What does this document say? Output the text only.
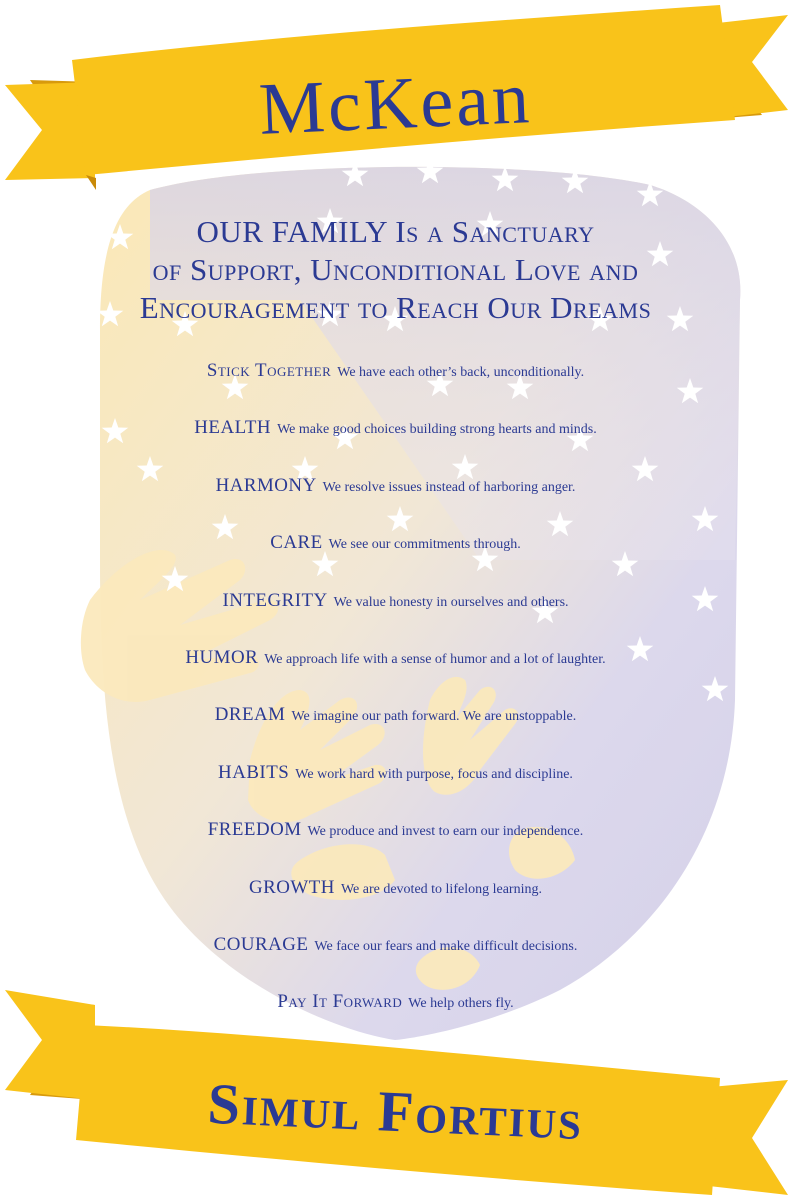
McKean
OUR FAMILY Is a Sanctuary
of Support, Unconditional Love and
Encouragement to Reach Our Dreams
Stick Together We have each other’s back, unconditionally.
HEALTH We make good choices building strong hearts and minds.
HARMONY We resolve issues instead of harboring anger.
CARE We see our commitments through.
INTEGRITY We value honesty in ourselves and others.
HUMOR We approach life with a sense of humor and a lot of laughter.
DREAM We imagine our path forward. We are unstoppable.
HABITS We work hard with purpose, focus and discipline.
FREEDOM We produce and invest to earn our independence.
GROWTH We are devoted to lifelong learning.
COURAGE We face our fears and make difficult decisions.
Pay It Forward We help others fly.
Simul Fortius
